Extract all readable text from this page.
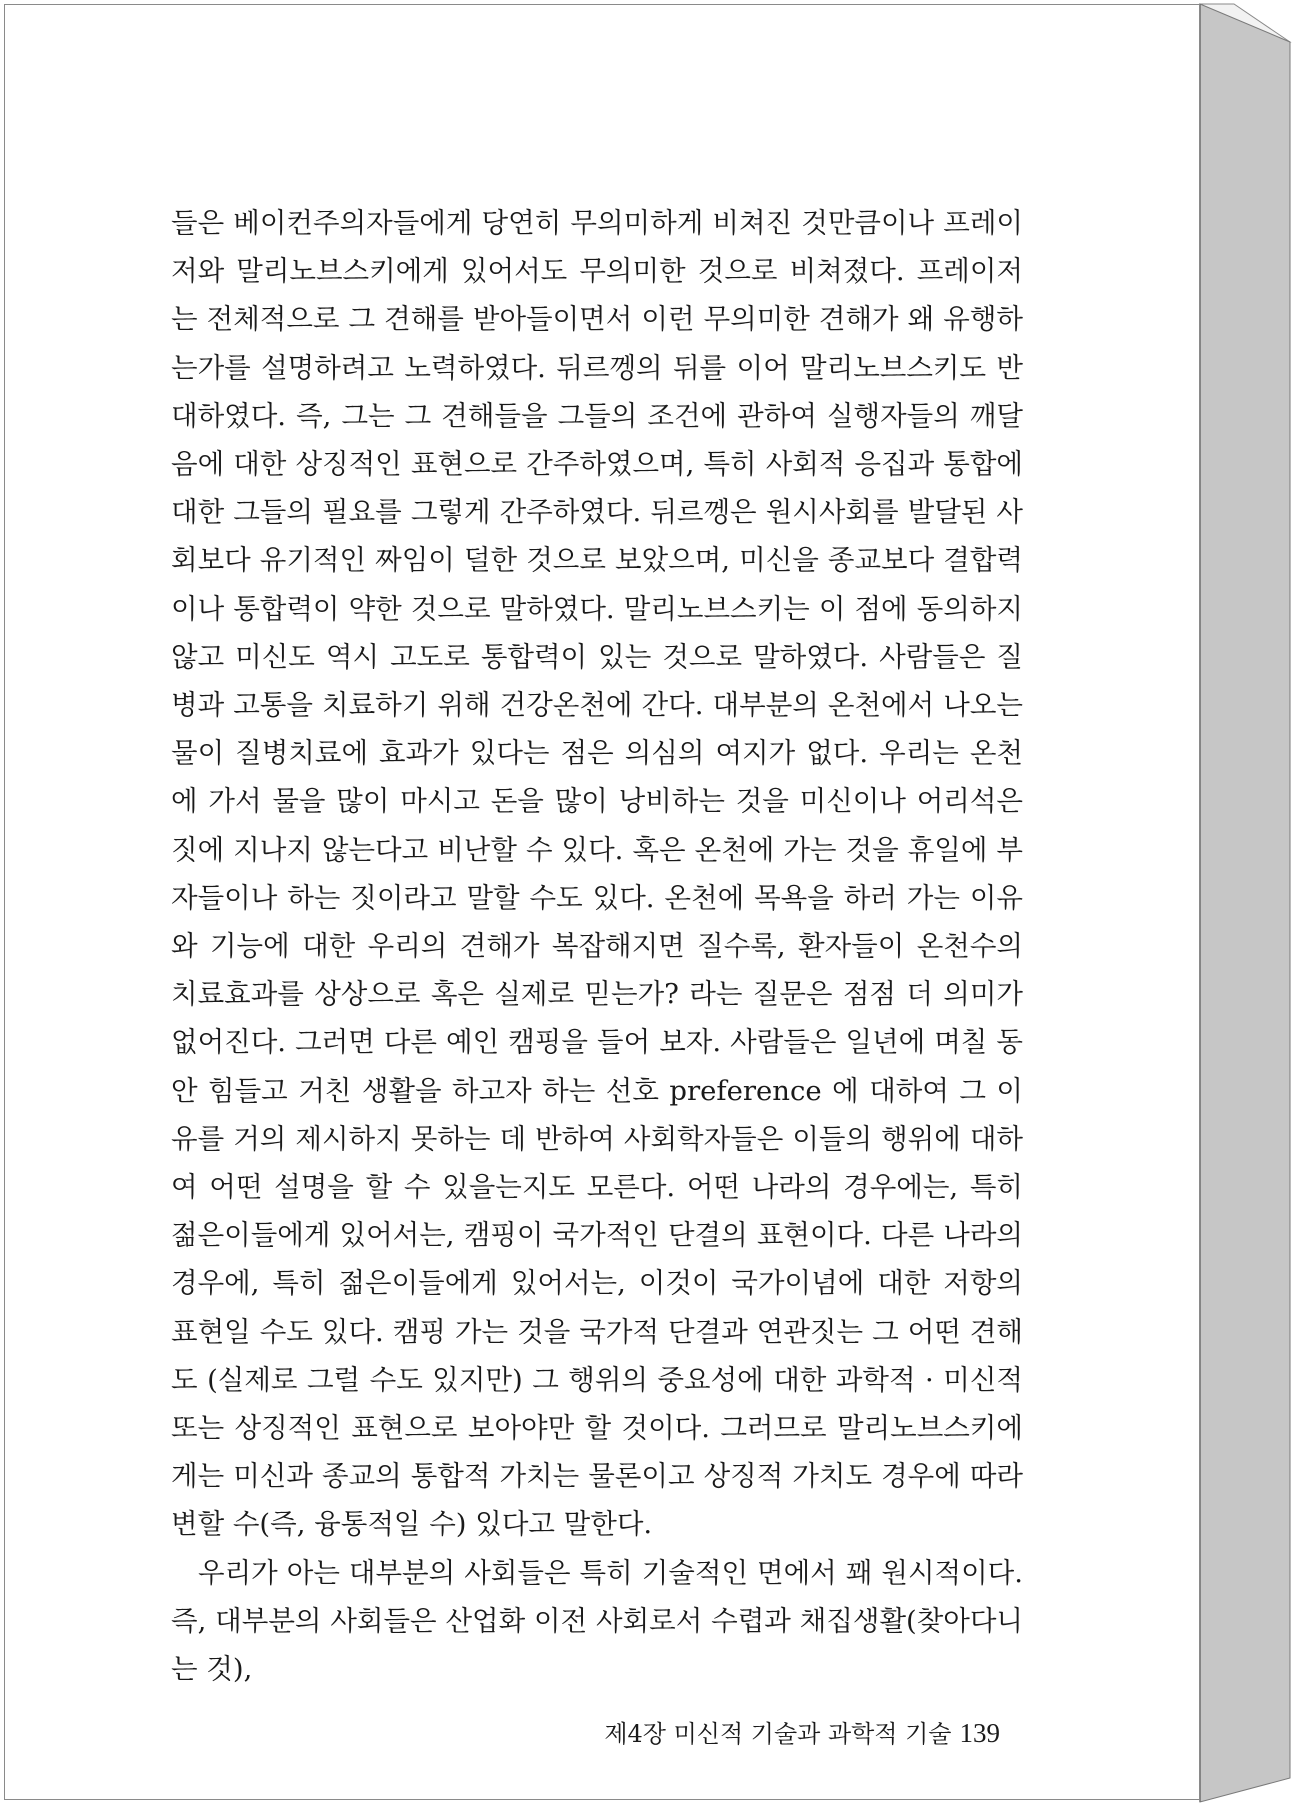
들은 베이컨주의자들에게 당연히 무의미하게 비쳐진 것만큼이나 프레이저와 말리노브스키에게 있어서도 무의미한 것으로 비쳐졌다. 프레이저는 전체적으로 그 견해를 받아들이면서 이런 무의미한 견해가 왜 유행하는가를 설명하려고 노력하였다. 뒤르껭의 뒤를 이어 말리노브스키도 반대하였다. 즉, 그는 그 견해들을 그들의 조건에 관하여 실행자들의 깨달음에 대한 상징적인 표현으로 간주하였으며, 특히 사회적 응집과 통합에 대한 그들의 필요를 그렇게 간주하였다. 뒤르껭은 원시사회를 발달된 사회보다 유기적인 짜임이 덜한 것으로 보았으며, 미신을 종교보다 결합력이나 통합력이 약한 것으로 말하였다. 말리노브스키는 이 점에 동의하지 않고 미신도 역시 고도로 통합력이 있는 것으로 말하였다. 사람들은 질병과 고통을 치료하기 위해 건강온천에 간다. 대부분의 온천에서 나오는 물이 질병치료에 효과가 있다는 점은 의심의 여지가 없다. 우리는 온천에 가서 물을 많이 마시고 돈을 많이 낭비하는 것을 미신이나 어리석은 짓에 지나지 않는다고 비난할 수 있다. 혹은 온천에 가는 것을 휴일에 부자들이나 하는 짓이라고 말할 수도 있다. 온천에 목욕을 하러 가는 이유와 기능에 대한 우리의 견해가 복잡해지면 질수록, 환자들이 온천수의 치료효과를 상상으로 혹은 실제로 믿는가? 라는 질문은 점점 더 의미가 없어진다. 그러면 다른 예인 캠핑을 들어 보자. 사람들은 일년에 며칠 동안 힘들고 거친 생활을 하고자 하는 선호 preference 에 대하여 그 이유를 거의 제시하지 못하는 데 반하여 사회학자들은 이들의 행위에 대하여 어떤 설명을 할 수 있을는지도 모른다. 어떤 나라의 경우에는, 특히 젊은이들에게 있어서는, 캠핑이 국가적인 단결의 표현이다. 다른 나라의 경우에, 특히 젊은이들에게 있어서는, 이것이 국가이념에 대한 저항의 표현일 수도 있다. 캠핑 가는 것을 국가적 단결과 연관짓는 그 어떤 견해도 (실제로 그럴 수도 있지만) 그 행위의 중요성에 대한 과학적 · 미신적 또는 상징적인 표현으로 보아야만 할 것이다. 그러므로 말리노브스키에게는 미신과 종교의 통합적 가치는 물론이고 상징적 가치도 경우에 따라 변할 수(즉, 융통적일 수) 있다고 말한다.

우리가 아는 대부분의 사회들은 특히 기술적인 면에서 꽤 원시적이다. 즉, 대부분의 사회들은 산업화 이전 사회로서 수렵과 채집생활(찾아다니는 것),

제4장 미신적 기술과 과학적 기술 139
